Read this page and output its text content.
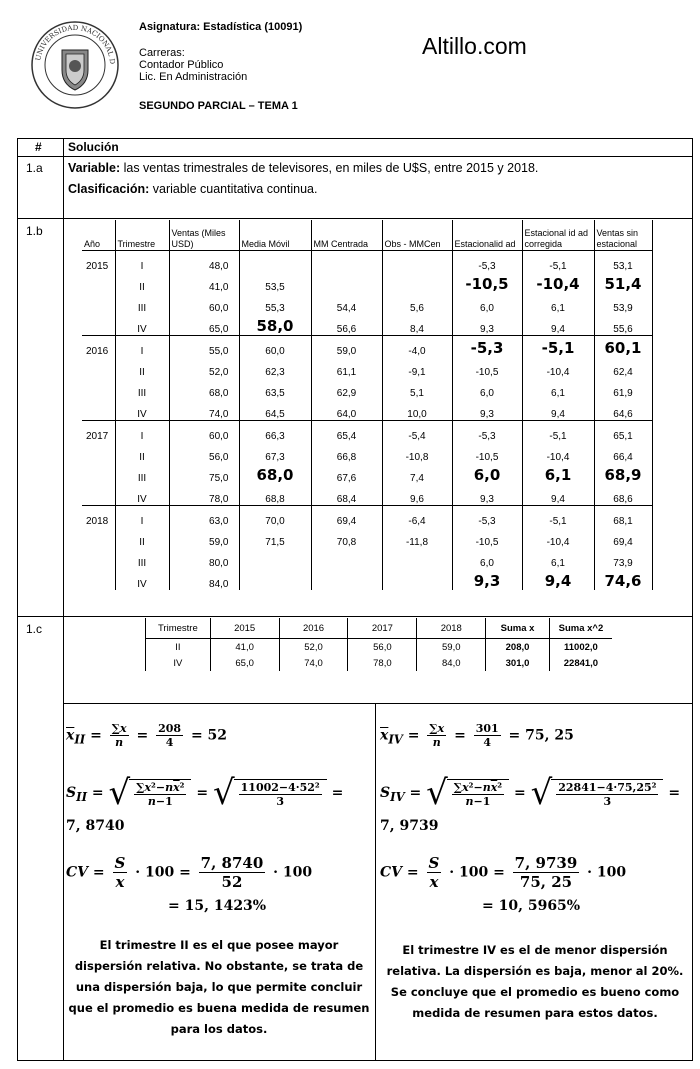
UNIVERSIDAD NACIONAL D
Asignatura: Estadística (10091)
Carreras:
Contador Público
Lic. En Administración
SEGUNDO PARCIAL – TEMA 1
Altillo.com
# Solución
1.a Variable: las ventas trimestrales de televisores, en miles de U$S, entre 2015 y 2018.
Clasificación: variable cuantitativa continua.
1.b
Año	Trimestre	Ventas (Miles USD)	Media Móvil	MM Centrada	Obs - MMCen	Estacionalid ad	Estacional id ad corregida	Ventas sin estacional
2015	I	48,0				-5,3	-5,1	53,1
	II	41,0	53,5			-10,5	-10,4	51,4
	III	60,0	55,3	54,4	5,6	6,0	6,1	53,9
	IV	65,0	58,0	56,6	8,4	9,3	9,4	55,6
2016	I	55,0	60,0	59,0	-4,0	-5,3	-5,1	60,1
	II	52,0	62,3	61,1	-9,1	-10,5	-10,4	62,4
	III	68,0	63,5	62,9	5,1	6,0	6,1	61,9
	IV	74,0	64,5	64,0	10,0	9,3	9,4	64,6
2017	I	60,0	66,3	65,4	-5,4	-5,3	-5,1	65,1
	II	56,0	67,3	66,8	-10,8	-10,5	-10,4	66,4
	III	75,0	68,0	67,6	7,4	6,0	6,1	68,9
	IV	78,0	68,8	68,4	9,6	9,3	9,4	68,6
2018	I	63,0	70,0	69,4	-6,4	-5,3	-5,1	68,1
	II	59,0	71,5	70,8	-11,8	-10,5	-10,4	69,4
	III	80,0				6,0	6,1	73,9
	IV	84,0				9,3	9,4	74,6
1.c	Trimestre	2015	2016	2017	2018	Suma x	Suma x^2
II	41,0	52,0	56,0	59,0	208,0	11002,0
IV	65,0	74,0	78,0	84,0	301,0	22841,0
$\overline{x}_{II} = \frac{\sum x}{n} = \frac{208}{4} = 52$
$S_{II}$ = √ $\frac{\sum x^2-n\overline{x}^2}{n-1}$ = √ $\frac{\text{11002−4·52²}}{3}$ =
7, 8740
CV = $\frac{S}{x} \cdot 100 = \frac{7, 8740}{52} \cdot 100$
= 15, 1423%
El trimestre II es el que posee mayor dispersión relativa. No obstante, se trata de una dispersión baja, lo que permite concluir que el promedio es buena medida de resumen para los datos.
$\overline{x}_{IV} = \frac{\sum x}{n} = \frac{301}{4} = 75$, 25
$S_{IV}$ = √ $\frac{\sum x^2-n\overline{x}^2}{n-1}$ = √ $\frac{\text{22841−4·75,25²}}{3}$ =
7, 9739
CV = $\frac{S}{x} \cdot 100 = \frac{7, 9739}{75, 25} \cdot 100$
= 10, 5965%
El trimestre IV es el de menor dispersión relativa. La dispersión es baja, menor al 20%. Se concluye que el promedio es bueno como medida de resumen para estos datos.
